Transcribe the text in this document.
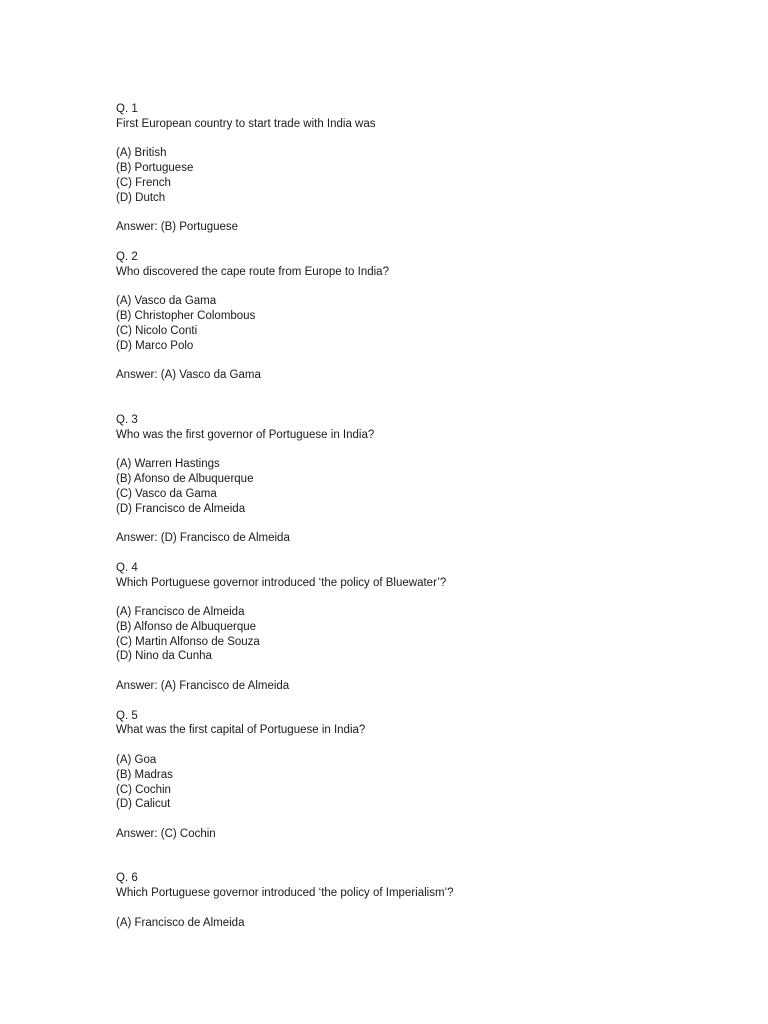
Q. 1
First European country to start trade with India was
(A) British
(B) Portuguese
(C) French
(D) Dutch
Answer: (B) Portuguese
Q. 2
Who discovered the cape route from Europe to India?
(A) Vasco da Gama
(B) Christopher Colombous
(C) Nicolo Conti
(D) Marco Polo
Answer: (A) Vasco da Gama
Q. 3
Who was the first governor of Portuguese in India?
(A) Warren Hastings
(B) Afonso de Albuquerque
(C) Vasco da Gama
(D) Francisco de Almeida
Answer: (D) Francisco de Almeida
Q. 4
Which Portuguese governor introduced ‘the policy of Bluewater’?
(A) Francisco de Almeida
(B) Alfonso de Albuquerque
(C) Martin Alfonso de Souza
(D) Nino da Cunha
Answer: (A) Francisco de Almeida
Q. 5
What was the first capital of Portuguese in India?
(A) Goa
(B) Madras
(C) Cochin
(D) Calicut
Answer: (C) Cochin
Q. 6
Which Portuguese governor introduced ‘the policy of Imperialism’?
(A) Francisco de Almeida
